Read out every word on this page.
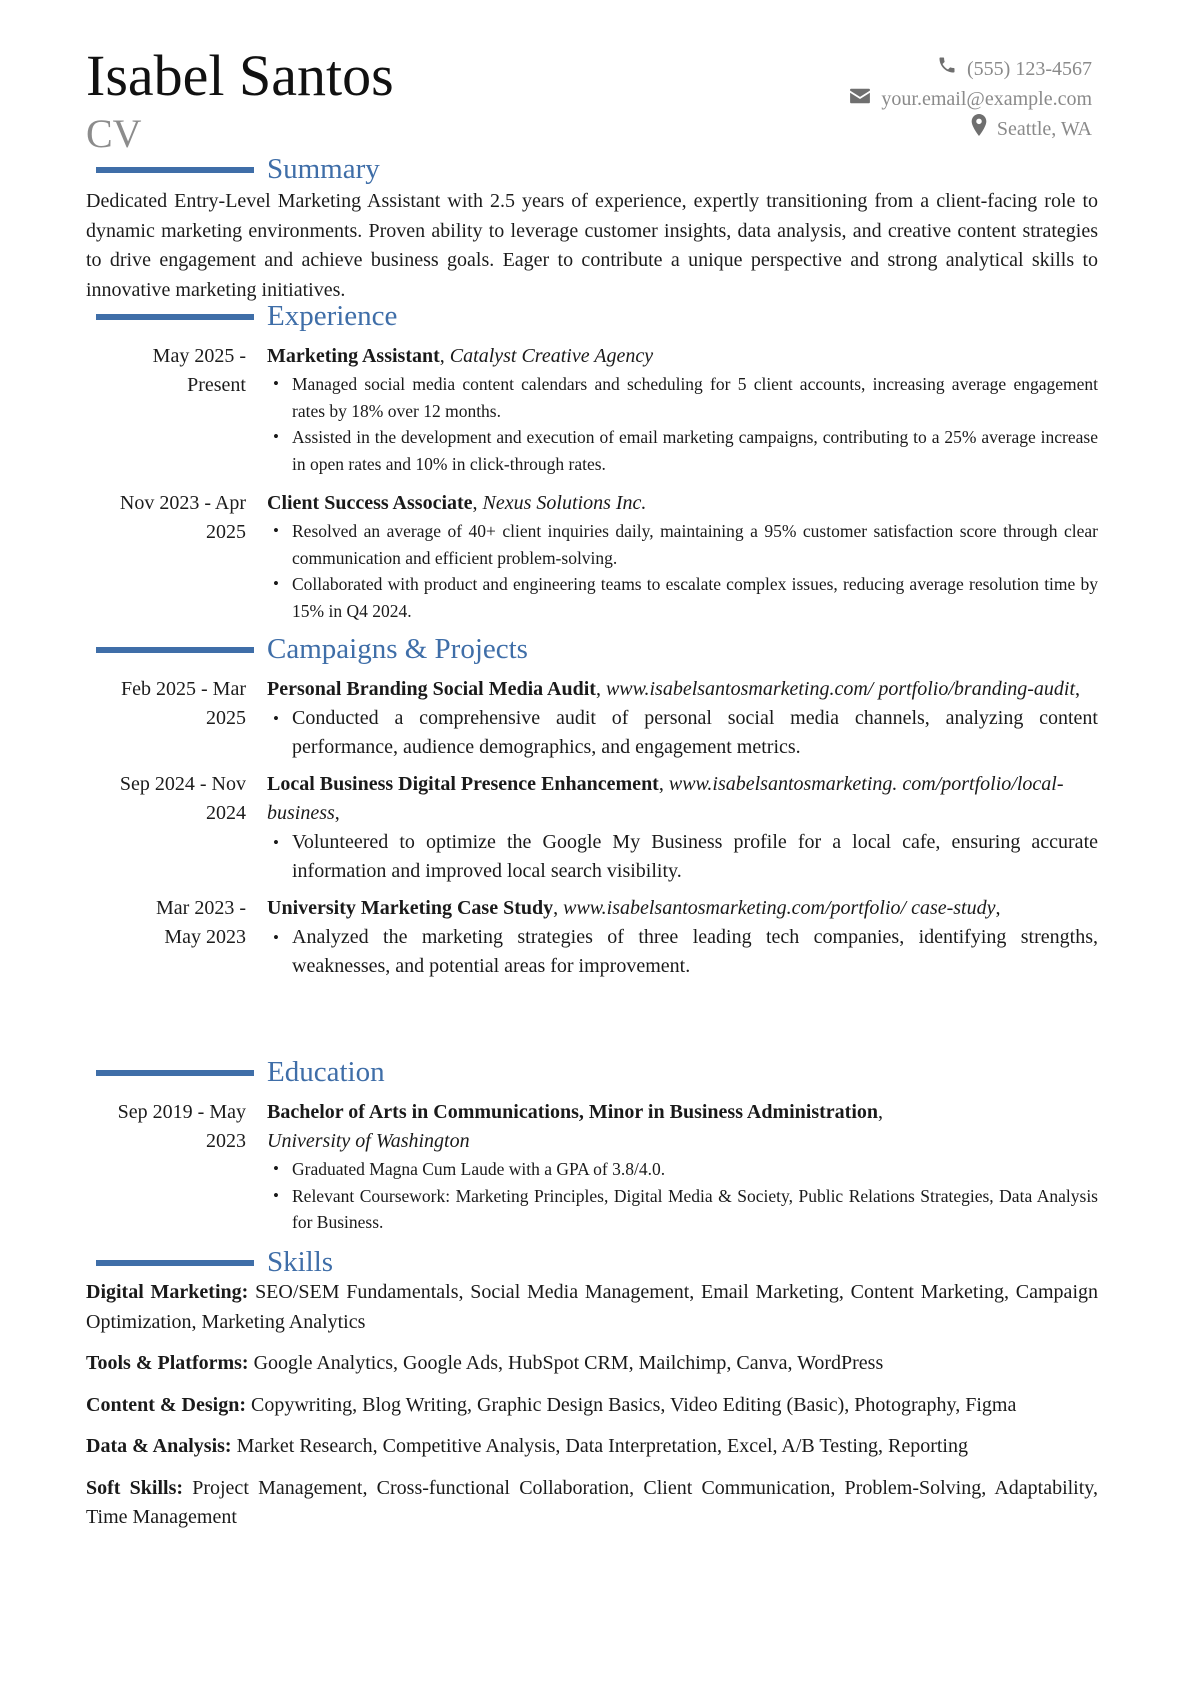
Isabel Santos
CV
(555) 123-4567
your.email@example.com
Seattle, WA
Summary
Dedicated Entry-Level Marketing Assistant with 2.5 years of experience, expertly transitioning from a client-facing role to dynamic marketing environments. Proven ability to leverage customer insights, data analysis, and creative content strategies to drive engagement and achieve business goals. Eager to contribute a unique perspective and strong analytical skills to innovative marketing initiatives.
Experience
May 2025 -
Present
Marketing Assistant, Catalyst Creative Agency
• Managed social media content calendars and scheduling for 5 client accounts, increasing average engagement rates by 18% over 12 months.
• Assisted in the development and execution of email marketing campaigns, contributing to a 25% average increase in open rates and 10% in click-through rates.
Nov 2023 - Apr
2025
Client Success Associate, Nexus Solutions Inc.
• Resolved an average of 40+ client inquiries daily, maintaining a 95% customer satisfaction score through clear communication and efficient problem-solving.
• Collaborated with product and engineering teams to escalate complex issues, reducing average resolution time by 15% in Q4 2024.
Campaigns & Projects
Feb 2025 - Mar
2025
Personal Branding Social Media Audit, www.isabelsantosmarketing.com/ portfolio/branding-audit,
• Conducted a comprehensive audit of personal social media channels, analyzing content performance, audience demographics, and engagement metrics.
Sep 2024 - Nov
2024
Local Business Digital Presence Enhancement, www.isabelsantosmarketing. com/portfolio/local-business,
• Volunteered to optimize the Google My Business profile for a local cafe, ensuring accurate information and improved local search visibility.
Mar 2023 -
May 2023
University Marketing Case Study, www.isabelsantosmarketing.com/portfolio/ case-study,
• Analyzed the marketing strategies of three leading tech companies, identifying strengths, weaknesses, and potential areas for improvement.
Education
Sep 2019 - May
2023
Bachelor of Arts in Communications, Minor in Business Administration,
University of Washington
• Graduated Magna Cum Laude with a GPA of 3.8/4.0.
• Relevant Coursework: Marketing Principles, Digital Media & Society, Public Relations Strategies, Data Analysis for Business.
Skills
Digital Marketing: SEO/SEM Fundamentals, Social Media Management, Email Marketing, Content Marketing, Campaign Optimization, Marketing Analytics
Tools & Platforms: Google Analytics, Google Ads, HubSpot CRM, Mailchimp, Canva, WordPress
Content & Design: Copywriting, Blog Writing, Graphic Design Basics, Video Editing (Basic), Photography, Figma
Data & Analysis: Market Research, Competitive Analysis, Data Interpretation, Excel, A/B Testing, Reporting
Soft Skills: Project Management, Cross-functional Collaboration, Client Communication, Problem-Solving, Adaptability, Time Management
